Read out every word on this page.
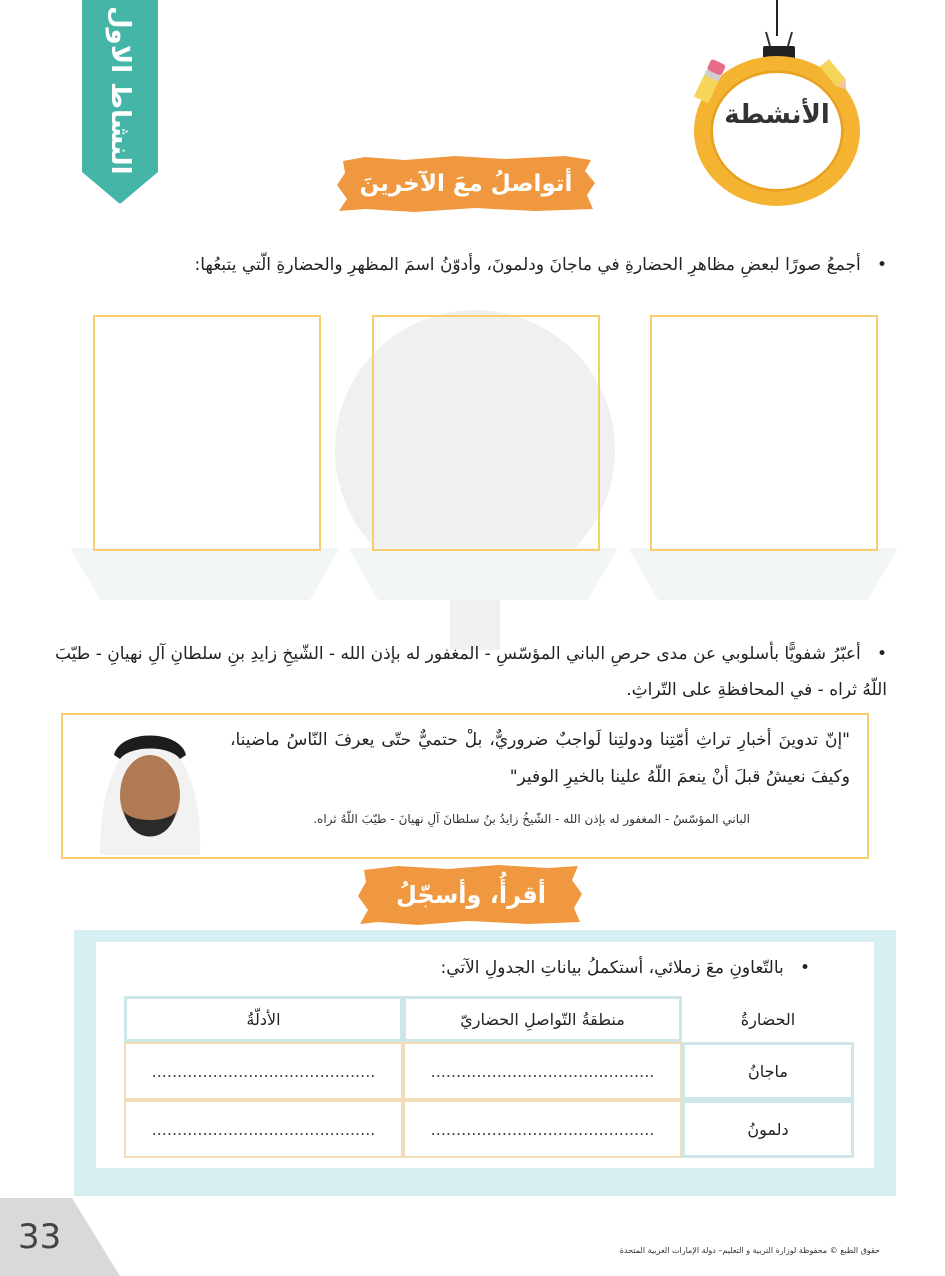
النشاط الاول	الأنشطة
أتواصلُ معَ الآخرينَ
•   أجمعُ صورًا لبعضِ مظاهرِ الحضارةِ في ماجانَ ودلمونَ، وأدوّنُ اسمَ المظهرِ والحضارةِ الّتي يتبعُها:
•   أعبّرُ شفويًّا بأسلوبي عن مدى حرصِ الباني المؤسّسِ - المغفور له بإذن الله - الشّيخِ زايدِ بنِ سلطانِ آلِ نهيانِ - طيّبَ اللّهُ ثراه - في المحافظةِ على التّراثِ.
"إنّ تدوينَ أخبارِ تراثِ أمّتِنا ودولتِنا لَواجبٌ ضروريٌّ، بلْ حتميٌّ حتّى يعرفَ النّاسُ ماضينا، وكيفَ نعيشُ قبلَ أنْ ينعمَ اللّهُ علينا بالخيرِ الوفير"
الباني المؤسّسُ - المغفور له بإذن الله - الشّيخُ زايدُ بنُ سلطانَ آلِ نهيانَ - طيّبَ اللّهُ ثراه.
أقرأُ، وأسجّلُ
•   بالتّعاونِ معَ زملائي، أستكملُ بياناتِ الجدولِ الآتي:
الحضارةُ	منطقةُ التّواصلِ الحضاريّ	الأدلّةُ
ماجانُ	............................................	............................................
دلمونُ	............................................	............................................
33	حقوق الطبع © محفوظة لوزارة التربية و التعليم– دولة الإمارات العربية المتحدة
